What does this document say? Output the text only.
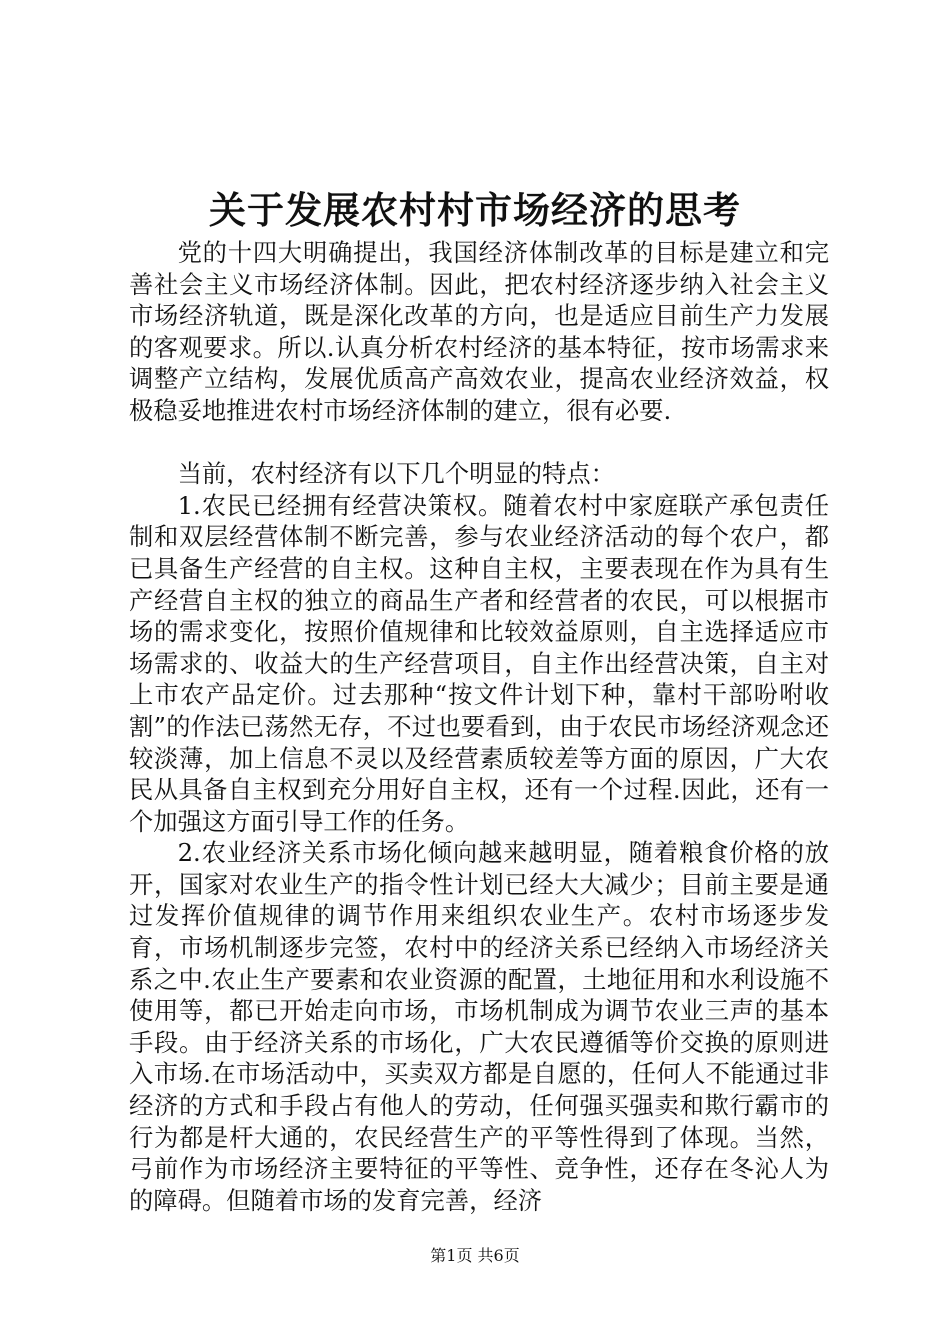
关于发展农村村市场经济的思考

党的十四大明确提出，我国经济体制改革的目标是建立和完善社会主义市场经济体制。因此，把农村经济逐步纳入社会主义市场经济轨道，既是深化改革的方向，也是适应目前生产力发展的客观要求。所以.认真分析农村经济的基本特征，按市场需求来调整产立结构，发展优质高产高效农业，提高农业经济效益，权极稳妥地推进农村市场经济体制的建立，很有必要.

当前，农村经济有以下几个明显的特点：

1.农民已经拥有经营决策权。随着农村中家庭联产承包责任制和双层经营体制不断完善，参与农业经济活动的每个农户，都已具备生产经营的自主权。这种自主权，主要表现在作为具有生产经营自主权的独立的商品生产者和经营者的农民，可以根据市场的需求变化，按照价值规律和比较效益原则，自主选择适应市场需求的、收益大的生产经营项目，自主作出经营决策，自主对上市农产品定价。过去那种“按文件计划下种，靠村干部吩咐收割”的作法已荡然无存，不过也要看到，由于农民市场经济观念还较淡薄，加上信息不灵以及经营素质较差等方面的原因，广大农民从具备自主权到充分用好自主权，还有一个过程.因此，还有一个加强这方面引导工作的任务。

2.农业经济关系市场化倾向越来越明显，随着粮食价格的放开，国家对农业生产的指令性计划已经大大减少；目前主要是通过发挥价值规律的调节作用来组织农业生产。农村市场逐步发育，市场机制逐步完签，农村中的经济关系已经纳入市场经济关系之中.农止生产要素和农业资源的配置，土地征用和水利设施不使用等，都已开始走向市场，市场机制成为调节农业三声的基本手段。由于经济关系的市场化，广大农民遵循等价交换的原则进入市场.在市场活动中，买卖双方都是自愿的，任何人不能通过非经济的方式和手段占有他人的劳动，任何强买强卖和欺行霸市的行为都是杆大通的，农民经营生产的平等性得到了体现。当然，弓前作为市场经济主要特征的平等性、竞争性，还存在冬沁人为的障碍。但随着市场的发育完善，经济

第1页 共6页
